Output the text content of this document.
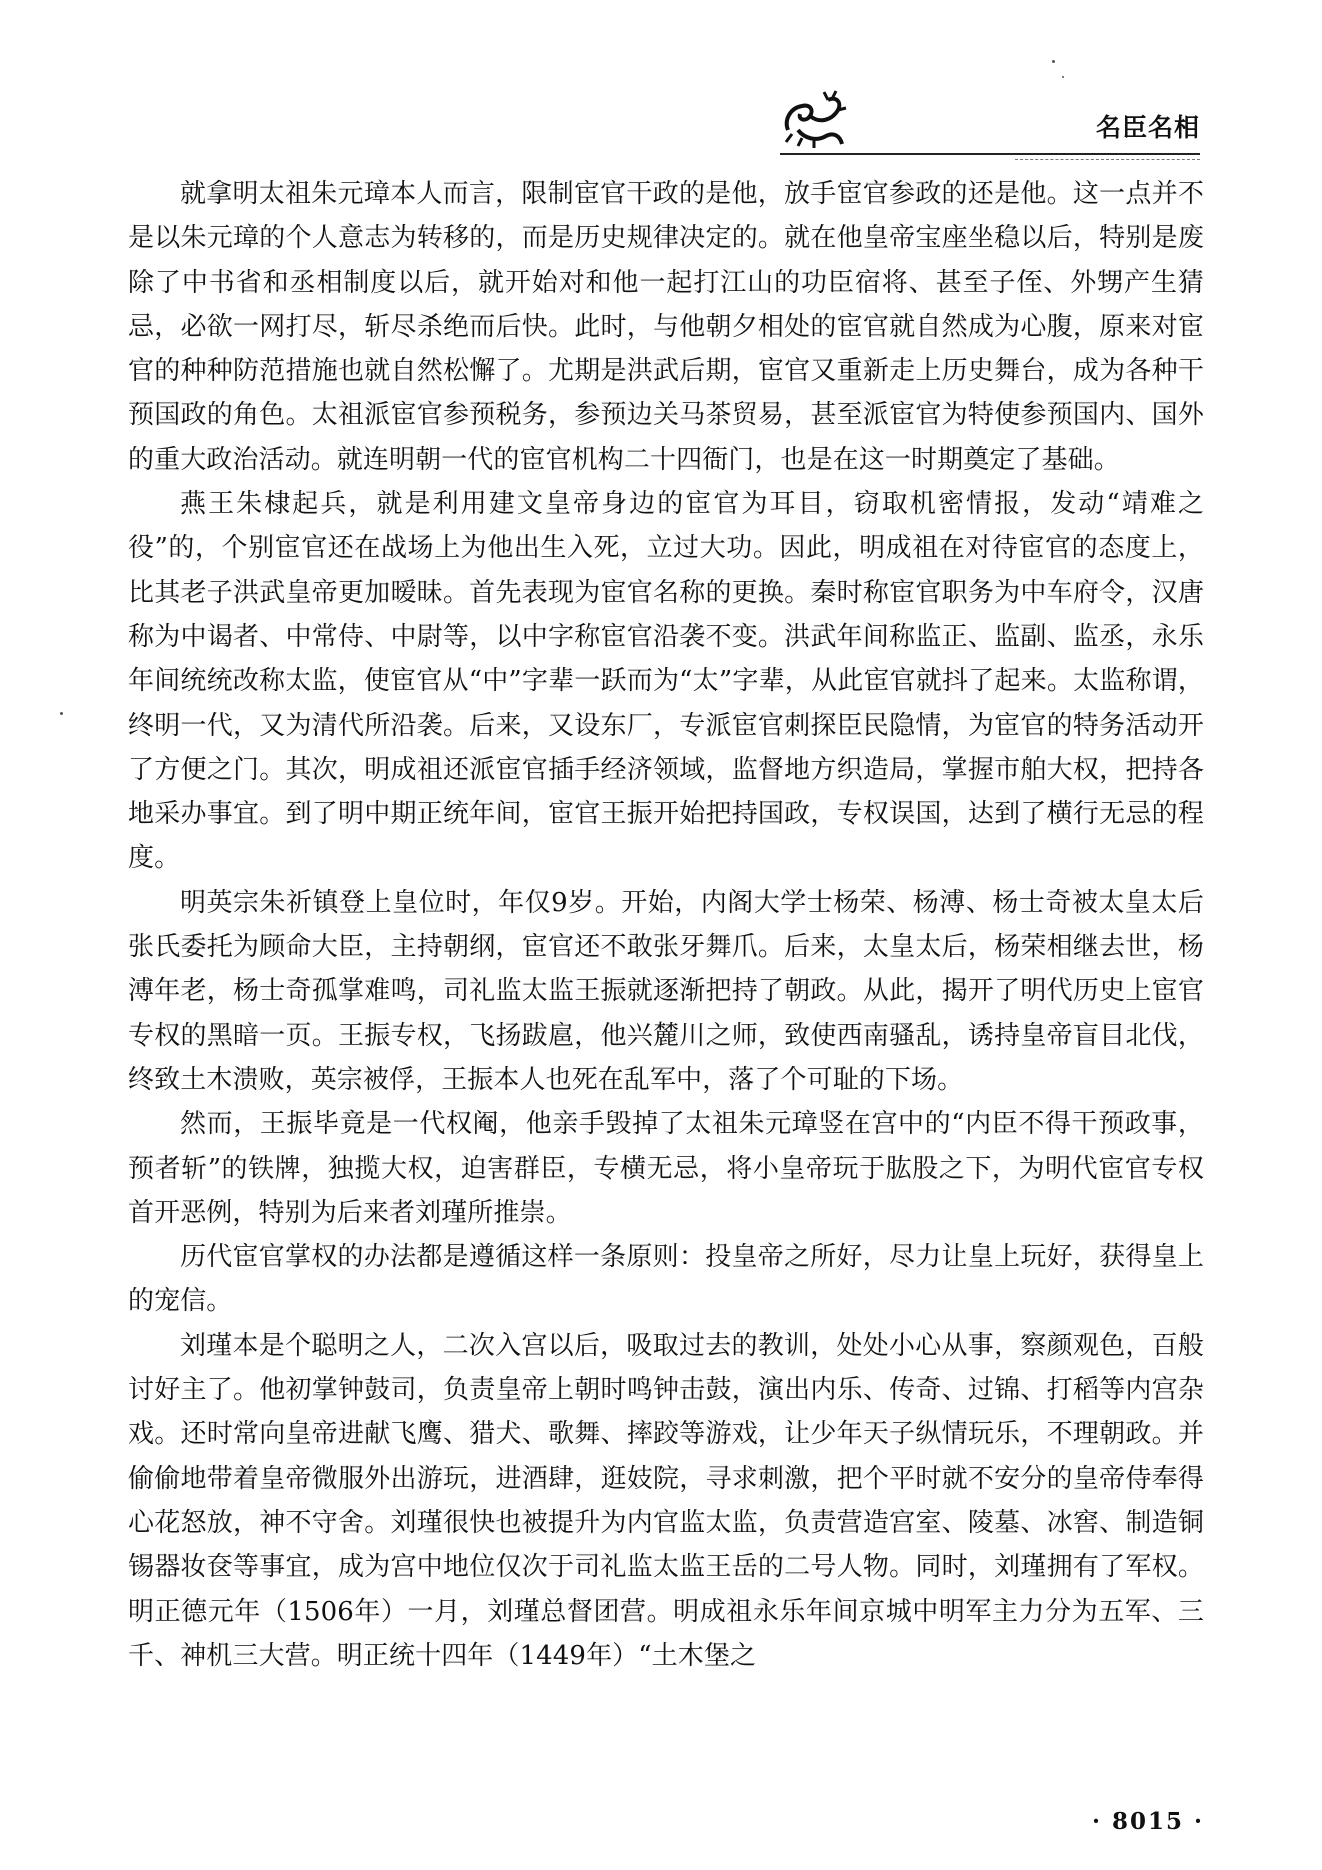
名臣名相

就拿明太祖朱元璋本人而言，限制宦官干政的是他，放手宦官参政的还是他。这一点并不是以朱元璋的个人意志为转移的，而是历史规律决定的。就在他皇帝宝座坐稳以后，特别是废除了中书省和丞相制度以后，就开始对和他一起打江山的功臣宿将、甚至子侄、外甥产生猜忌，必欲一网打尽，斩尽杀绝而后快。此时，与他朝夕相处的宦官就自然成为心腹，原来对宦官的种种防范措施也就自然松懈了。尤期是洪武后期，宦官又重新走上历史舞台，成为各种干预国政的角色。太祖派宦官参预税务，参预边关马茶贸易，甚至派宦官为特使参预国内、国外的重大政治活动。就连明朝一代的宦官机构二十四衙门，也是在这一时期奠定了基础。

燕王朱棣起兵，就是利用建文皇帝身边的宦官为耳目，窃取机密情报，发动“靖难之役”的，个别宦官还在战场上为他出生入死，立过大功。因此，明成祖在对待宦官的态度上，比其老子洪武皇帝更加暧昧。首先表现为宦官名称的更换。秦时称宦官职务为中车府令，汉唐称为中谒者、中常侍、中尉等，以中字称宦官沿袭不变。洪武年间称监正、监副、监丞，永乐年间统统改称太监，使宦官从“中”字辈一跃而为“太”字辈，从此宦官就抖了起来。太监称谓，终明一代，又为清代所沿袭。后来，又设东厂，专派宦官刺探臣民隐情，为宦官的特务活动开了方便之门。其次，明成祖还派宦官插手经济领域，监督地方织造局，掌握市舶大权，把持各地采办事宜。到了明中期正统年间，宦官王振开始把持国政，专权误国，达到了横行无忌的程度。

明英宗朱祈镇登上皇位时，年仅9岁。开始，内阁大学士杨荣、杨溥、杨士奇被太皇太后张氏委托为顾命大臣，主持朝纲，宦官还不敢张牙舞爪。后来，太皇太后，杨荣相继去世，杨溥年老，杨士奇孤掌难鸣，司礼监太监王振就逐渐把持了朝政。从此，揭开了明代历史上宦官专权的黑暗一页。王振专权，飞扬跋扈，他兴麓川之师，致使西南骚乱，诱持皇帝盲目北伐，终致土木溃败，英宗被俘，王振本人也死在乱军中，落了个可耻的下场。

然而，王振毕竟是一代权阉，他亲手毁掉了太祖朱元璋竖在宫中的“内臣不得干预政事，预者斩”的铁牌，独揽大权，迫害群臣，专横无忌，将小皇帝玩于肱股之下，为明代宦官专权首开恶例，特别为后来者刘瑾所推崇。

历代宦官掌权的办法都是遵循这样一条原则：投皇帝之所好，尽力让皇上玩好，获得皇上的宠信。

刘瑾本是个聪明之人，二次入宫以后，吸取过去的教训，处处小心从事，察颜观色，百般讨好主了。他初掌钟鼓司，负责皇帝上朝时鸣钟击鼓，演出内乐、传奇、过锦、打稻等内宫杂戏。还时常向皇帝进献飞鹰、猎犬、歌舞、摔跤等游戏，让少年天子纵情玩乐，不理朝政。并偷偷地带着皇帝微服外出游玩，进酒肆，逛妓院，寻求刺激，把个平时就不安分的皇帝侍奉得心花怒放，神不守舍。刘瑾很快也被提升为内官监太监，负责营造宫室、陵墓、冰窖、制造铜锡器妆奁等事宜，成为宫中地位仅次于司礼监太监王岳的二号人物。同时，刘瑾拥有了军权。明正德元年（1506年）一月，刘瑾总督团营。明成祖永乐年间京城中明军主力分为五军、三千、神机三大营。明正统十四年（1449年）“土木堡之

· 8015 ·
